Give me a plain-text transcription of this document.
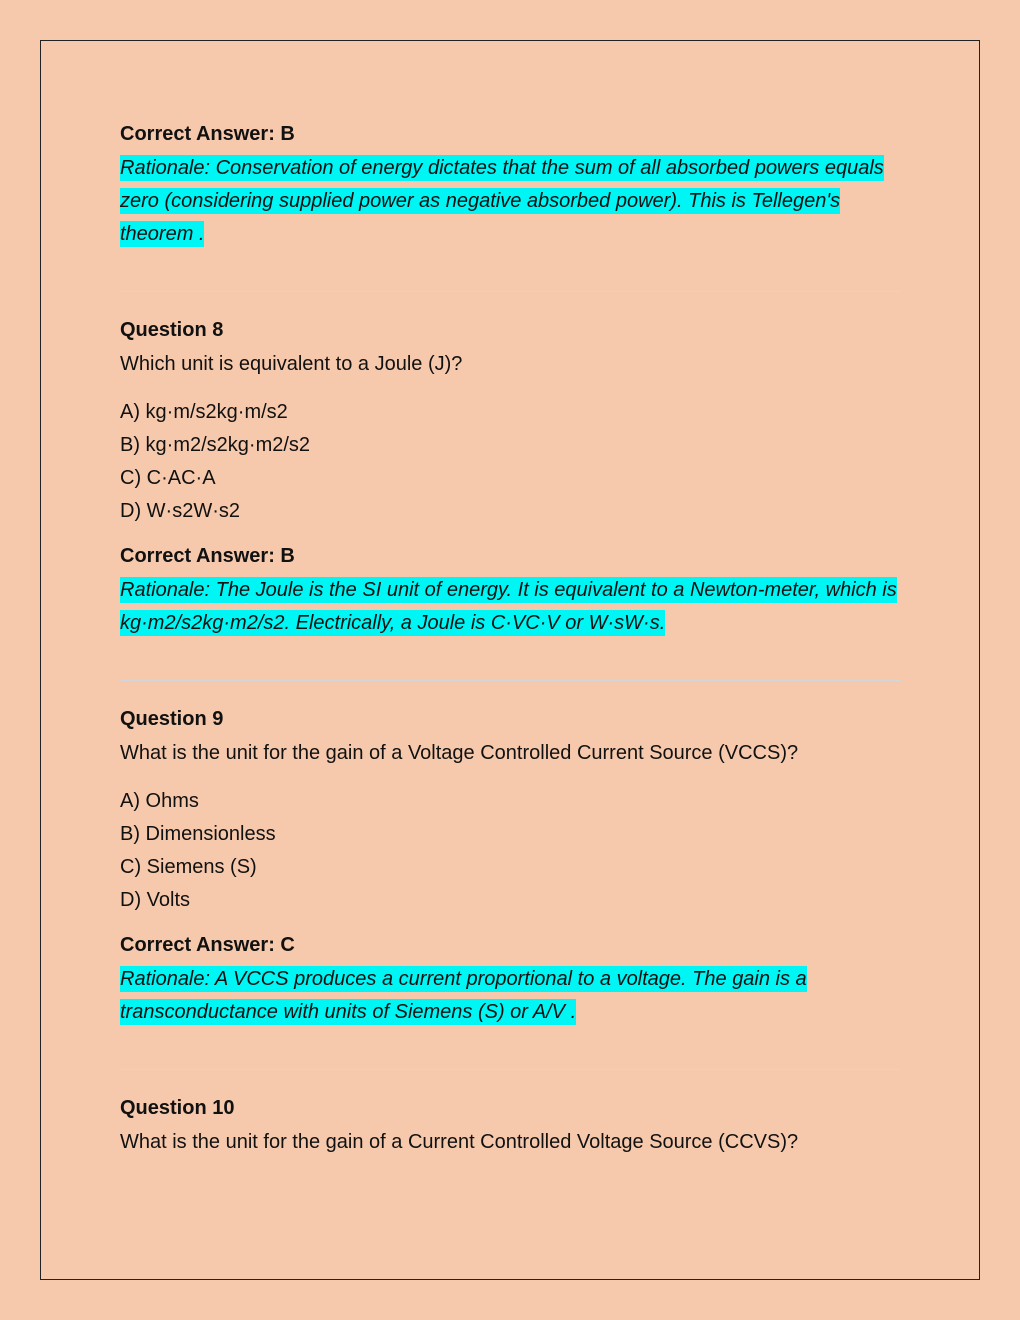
Correct Answer: B

Rationale: Conservation of energy dictates that the sum of all absorbed powers equals zero (considering supplied power as negative absorbed power). This is Tellegen's theorem .

Question 8

Which unit is equivalent to a Joule (J)?

A) kg·m/s2kg·m/s2
B) kg·m2/s2kg·m2/s2
C) C·AC·A
D) W·s2W·s2

Correct Answer: B

Rationale: The Joule is the SI unit of energy. It is equivalent to a Newton-meter, which is kg·m2/s2kg·m2/s2. Electrically, a Joule is C·VC·V or W·sW·s.

Question 9

What is the unit for the gain of a Voltage Controlled Current Source (VCCS)?

A) Ohms
B) Dimensionless
C) Siemens (S)
D) Volts

Correct Answer: C

Rationale: A VCCS produces a current proportional to a voltage. The gain is a transconductance with units of Siemens (S) or A/V .

Question 10

What is the unit for the gain of a Current Controlled Voltage Source (CCVS)?
